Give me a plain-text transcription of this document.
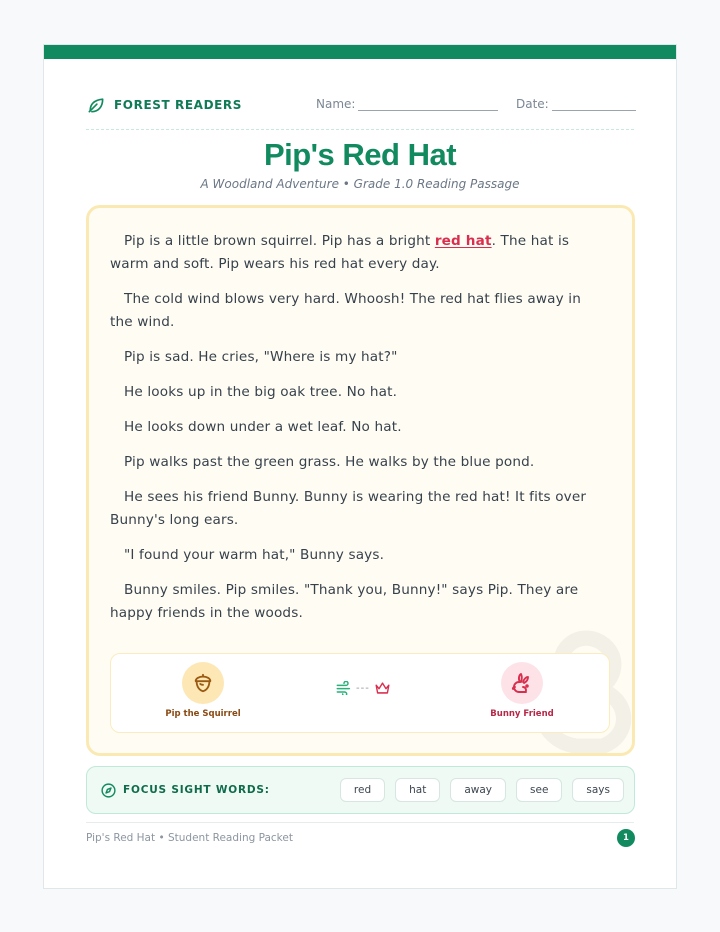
FOREST READERS	Name:	Date:
Pip's Red Hat
A Woodland Adventure • Grade 1.0 Reading Passage

Pip is a little brown squirrel. Pip has a bright red hat. The hat is warm and soft. Pip wears his red hat every day.

The cold wind blows very hard. Whoosh! The red hat flies away in the wind.

Pip is sad. He cries, "Where is my hat?"

He looks up in the big oak tree. No hat.

He looks down under a wet leaf. No hat.

Pip walks past the green grass. He walks by the blue pond.

He sees his friend Bunny. Bunny is wearing the red hat! It fits over Bunny's long ears.

"I found your warm hat," Bunny says.

Bunny smiles. Pip smiles. "Thank you, Bunny!" says Pip. They are happy friends in the woods.

Pip the Squirrel
---
Bunny Friend
FOCUS SIGHT WORDS:	red	hat	away	see	says
Pip's Red Hat • Student Reading Packet	1
